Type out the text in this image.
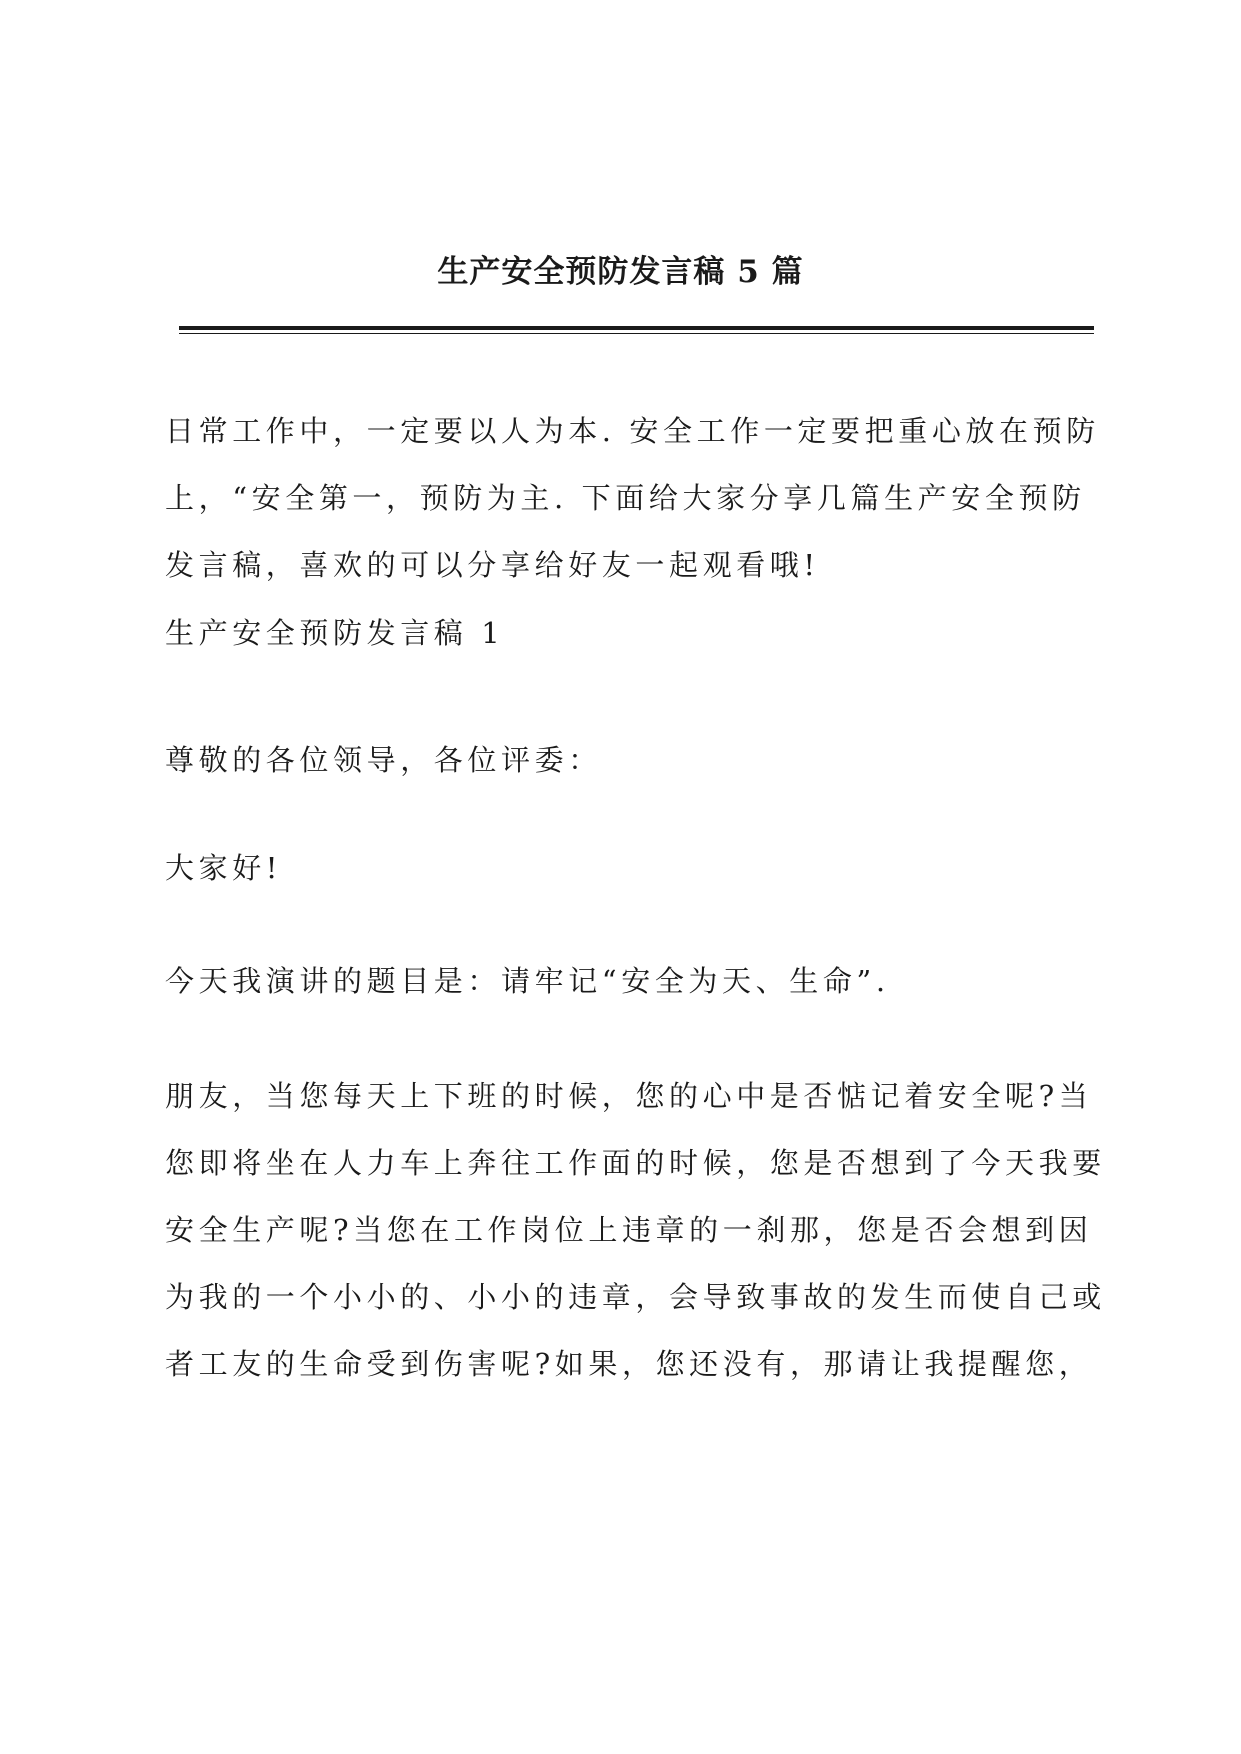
生产安全预防发言稿 5 篇
日常工作中，一定要以人为本. 安全工作一定要把重心放在预防
上，“安全第一，预防为主. 下面给大家分享几篇生产安全预防
发言稿，喜欢的可以分享给好友一起观看哦!
生产安全预防发言稿 1
尊敬的各位领导，各位评委：
大家好!
今天我演讲的题目是：请牢记“安全为天、生命”.
朋友，当您每天上下班的时候，您的心中是否惦记着安全呢?当
您即将坐在人力车上奔往工作面的时候，您是否想到了今天我要
安全生产呢?当您在工作岗位上违章的一刹那，您是否会想到因
为我的一个小小的、小小的违章，会导致事故的发生而使自己或
者工友的生命受到伤害呢?如果，您还没有，那请让我提醒您，
